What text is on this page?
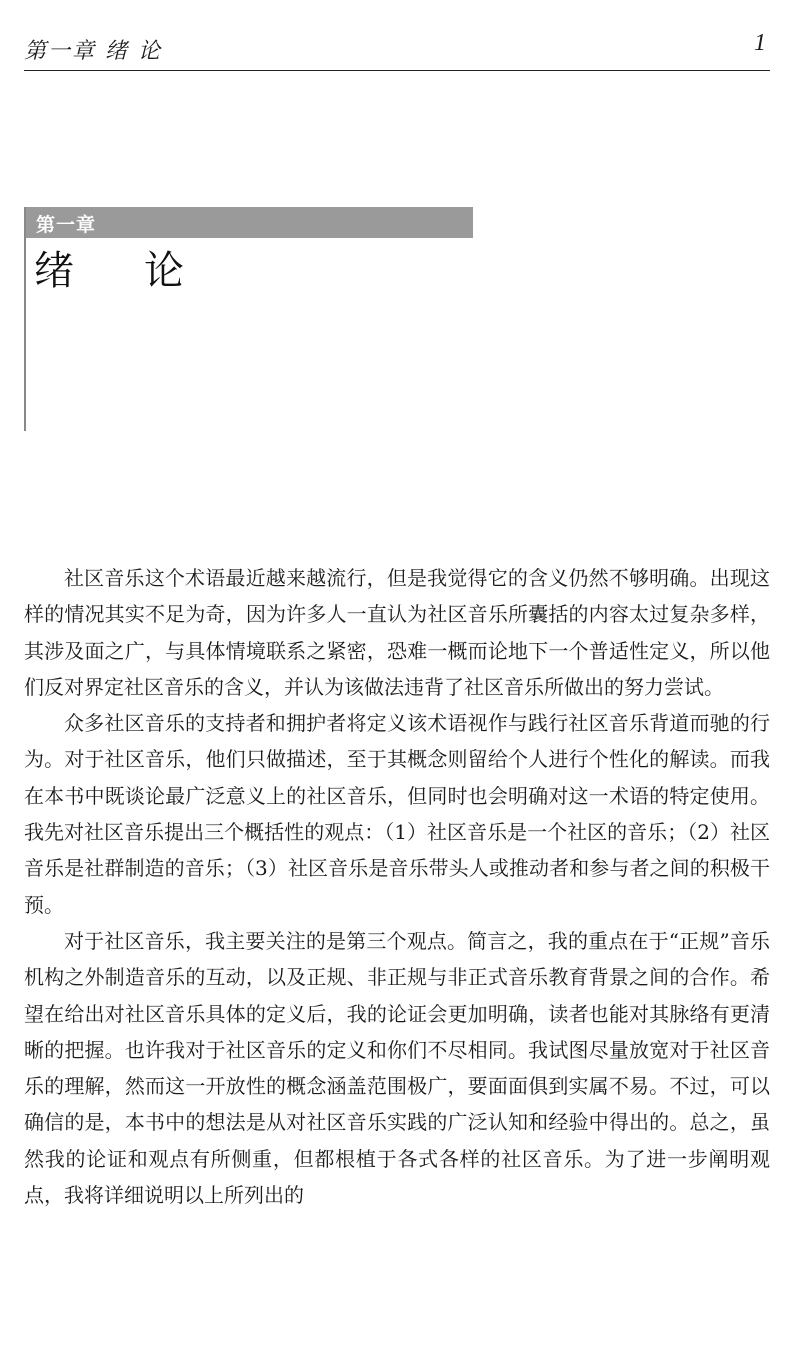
第一章 绪 论	1
第一章
绪论

社区音乐这个术语最近越来越流行，但是我觉得它的含义仍然不够明确。出现这样的情况其实不足为奇，因为许多人一直认为社区音乐所囊括的内容太过复杂多样，其涉及面之广，与具体情境联系之紧密，恐难一概而论地下一个普适性定义，所以他们反对界定社区音乐的含义，并认为该做法违背了社区音乐所做出的努力尝试。

众多社区音乐的支持者和拥护者将定义该术语视作与践行社区音乐背道而驰的行为。对于社区音乐，他们只做描述，至于其概念则留给个人进行个性化的解读。而我在本书中既谈论最广泛意义上的社区音乐，但同时也会明确对这一术语的特定使用。我先对社区音乐提出三个概括性的观点：（1）社区音乐是一个社区的音乐；（2）社区音乐是社群制造的音乐；（3）社区音乐是音乐带头人或推动者和参与者之间的积极干预。

对于社区音乐，我主要关注的是第三个观点。简言之，我的重点在于“正规”音乐机构之外制造音乐的互动，以及正规、非正规与非正式音乐教育背景之间的合作。希望在给出对社区音乐具体的定义后，我的论证会更加明确，读者也能对其脉络有更清晰的把握。也许我对于社区音乐的定义和你们不尽相同。我试图尽量放宽对于社区音乐的理解，然而这一开放性的概念涵盖范围极广，要面面俱到实属不易。不过，可以确信的是，本书中的想法是从对社区音乐实践的广泛认知和经验中得出的。总之，虽然我的论证和观点有所侧重，但都根植于各式各样的社区音乐。为了进一步阐明观点，我将详细说明以上所列出的
